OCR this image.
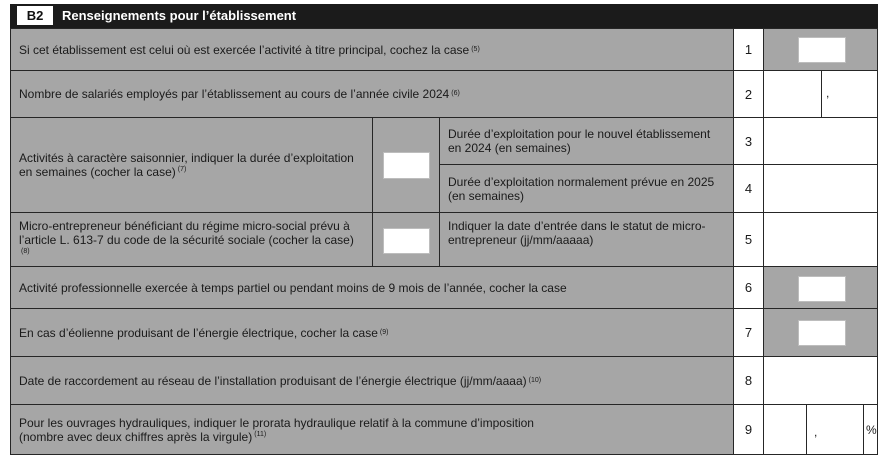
B2	Renseignements pour l’établissement
Si cet établissement est celui où est exercée l’activité à titre principal, cochez la case (5)	1
Nombre de salariés employés par l’établissement au cours de l’année civile 2024 (6)	2	,
Activités à caractère saisonnier, indiquer la durée d’exploitation en semaines (cocher la case) $^{(7)}$
Durée d’exploitation pour le nouvel établissement en 2024 (en semaines)	3
Durée d’exploitation normalement prévue en 2025 (en semaines)	4
Micro-entrepreneur bénéficiant du régime micro-social prévu à l’article L. 613-7 du code de la sécurité sociale (cocher la case)$^{(8)}$
Indiquer la date d’entrée dans le statut de micro-entrepreneur (jj/mm/aaaaa)	5
Activité professionnelle exercée à temps partiel ou pendant moins de 9 mois de l’année, cocher la case	6
En cas d’éolienne produisant de l’énergie électrique, cocher la case (9)	7
Date de raccordement au réseau de l’installation produisant de l’énergie électrique (jj/mm/aaaa) (10)	8
Pour les ouvrages hydrauliques, indiquer le prorata hydraulique relatif à la commune d’imposition
(nombre avec deux chiffres après la virgule) $^{(11)}$	9	,	%
